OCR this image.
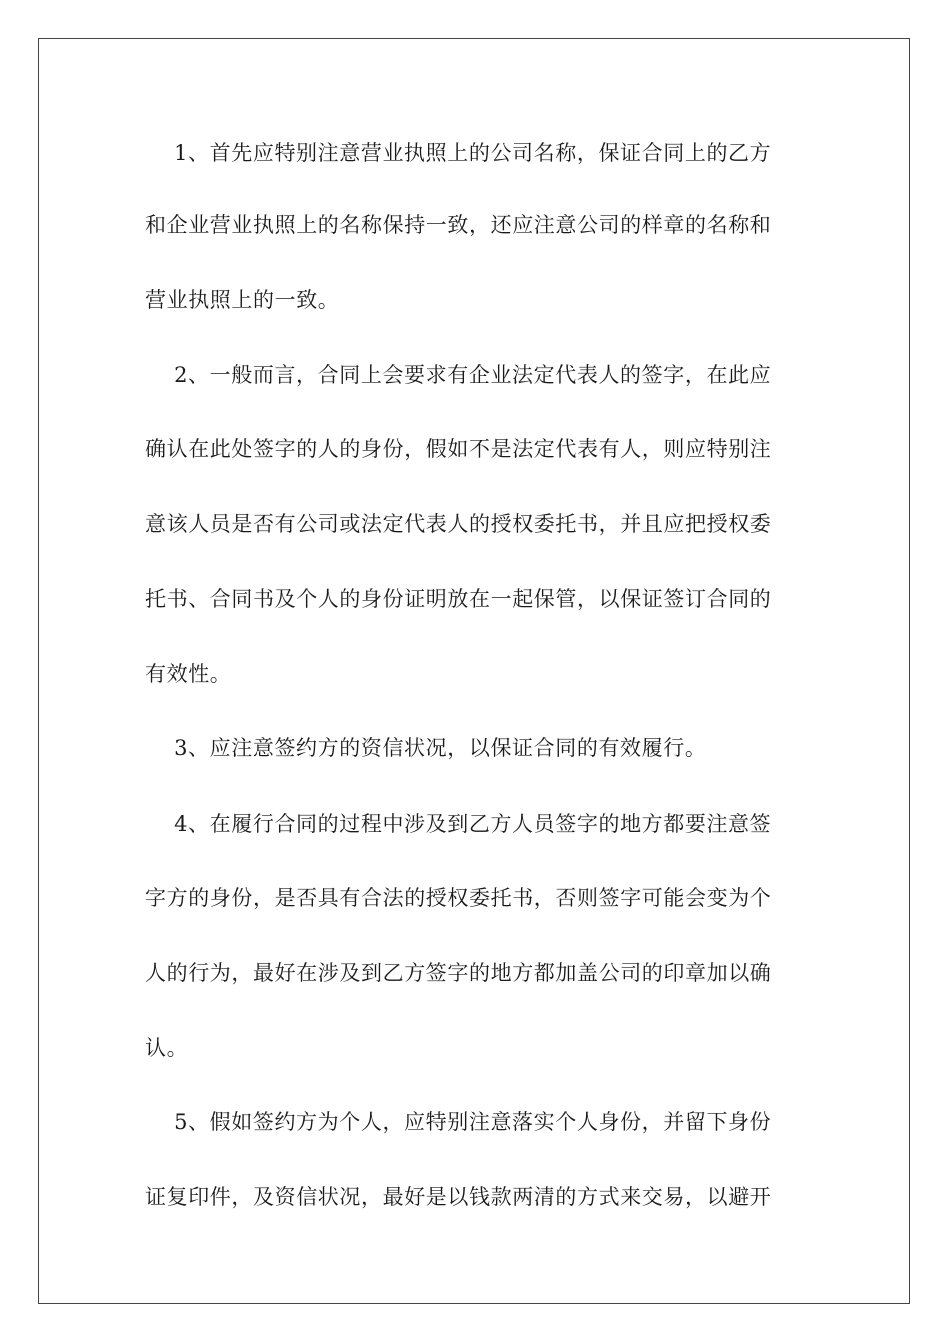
1、首先应特别注意营业执照上的公司名称，保证合同上的乙方
和企业营业执照上的名称保持一致，还应注意公司的样章的名称和
营业执照上的一致。
2、一般而言，合同上会要求有企业法定代表人的签字，在此应
确认在此处签字的人的身份，假如不是法定代表有人，则应特别注
意该人员是否有公司或法定代表人的授权委托书，并且应把授权委
托书、合同书及个人的身份证明放在一起保管，以保证签订合同的
有效性。
3、应注意签约方的资信状况，以保证合同的有效履行。
4、在履行合同的过程中涉及到乙方人员签字的地方都要注意签
字方的身份，是否具有合法的授权委托书，否则签字可能会变为个
人的行为，最好在涉及到乙方签字的地方都加盖公司的印章加以确
认。
5、假如签约方为个人，应特别注意落实个人身份，并留下身份
证复印件，及资信状况，最好是以钱款两清的方式来交易，以避开
